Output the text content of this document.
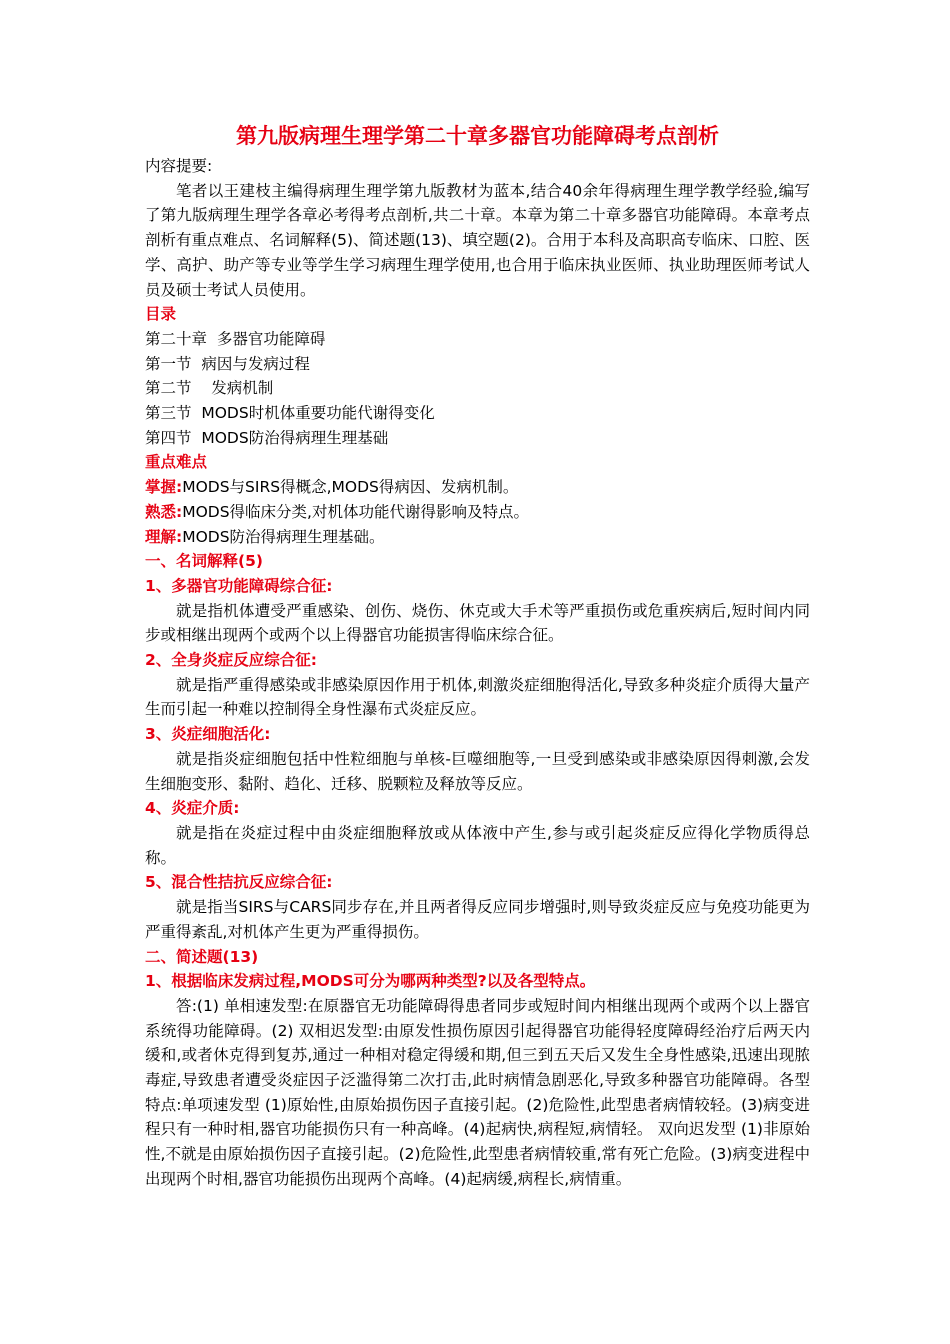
第九版病理生理学第二十章多器官功能障碍考点剖析

内容提要:

笔者以王建枝主编得病理生理学第九版教材为蓝本,结合40余年得病理生理学教学经验,编写了第九版病理生理学各章必考得考点剖析,共二十章。本章为第二十章多器官功能障碍。本章考点剖析有重点难点、名词解释(5)、简述题(13)、填空题(2)。合用于本科及高职高专临床、口腔、医学、高护、助产等专业等学生学习病理生理学使用,也合用于临床执业医师、执业助理医师考试人员及硕士考试人员使用。

目录

第二十章  多器官功能障碍

第一节  病因与发病过程

第二节    发病机制

第三节  MODS时机体重要功能代谢得变化

第四节  MODS防治得病理生理基础

重点难点

掌握:MODS与SIRS得概念,MODS得病因、发病机制。

熟悉:MODS得临床分类,对机体功能代谢得影响及特点。

理解:MODS防治得病理生理基础。

一、名词解释(5)

1、多器官功能障碍综合征:

就是指机体遭受严重感染、创伤、烧伤、休克或大手术等严重损伤或危重疾病后,短时间内同步或相继出现两个或两个以上得器官功能损害得临床综合征。

2、全身炎症反应综合征:

就是指严重得感染或非感染原因作用于机体,刺激炎症细胞得活化,导致多种炎症介质得大量产生而引起一种难以控制得全身性瀑布式炎症反应。

3、炎症细胞活化:

就是指炎症细胞包括中性粒细胞与单核-巨噬细胞等,一旦受到感染或非感染原因得刺激,会发生细胞变形、黏附、趋化、迁移、脱颗粒及释放等反应。

4、炎症介质:

就是指在炎症过程中由炎症细胞释放或从体液中产生,参与或引起炎症反应得化学物质得总称。

5、混合性拮抗反应综合征:

就是指当SIRS与CARS同步存在,并且两者得反应同步增强时,则导致炎症反应与免疫功能更为严重得紊乱,对机体产生更为严重得损伤。

二、简述题(13)

1、根据临床发病过程,MODS可分为哪两种类型?以及各型特点。

答:(1) 单相速发型:在原器官无功能障碍得患者同步或短时间内相继出现两个或两个以上器官系统得功能障碍。(2) 双相迟发型:由原发性损伤原因引起得器官功能得轻度障碍经治疗后两天内缓和,或者休克得到复苏,通过一种相对稳定得缓和期,但三到五天后又发生全身性感染,迅速出现脓毒症,导致患者遭受炎症因子泛滥得第二次打击,此时病情急剧恶化,导致多种器官功能障碍。各型特点:单项速发型 (1)原始性,由原始损伤因子直接引起。(2)危险性,此型患者病情较轻。(3)病变进程只有一种时相,器官功能损伤只有一种高峰。(4)起病快,病程短,病情轻。 双向迟发型 (1)非原始性,不就是由原始损伤因子直接引起。(2)危险性,此型患者病情较重,常有死亡危险。(3)病变进程中出现两个时相,器官功能损伤出现两个高峰。(4)起病缓,病程长,病情重。
